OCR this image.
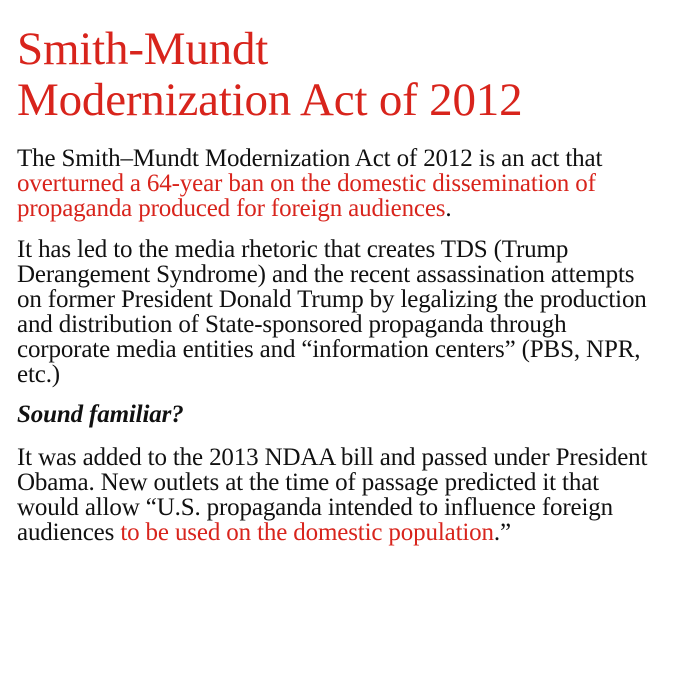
Smith-Mundt
Modernization Act of 2012

The Smith–Mundt Modernization Act of 2012 is an act that overturned a 64-year ban on the domestic dissemination of propaganda produced for foreign audiences.

It has led to the media rhetoric that creates TDS (Trump Derangement Syndrome) and the recent assassination attempts on former President Donald Trump by legalizing the production and distribution of State-sponsored propaganda through corporate media entities and “information centers” (PBS, NPR, etc.)

Sound familiar?

It was added to the 2013 NDAA bill and passed under President Obama. New outlets at the time of passage predicted it that would allow “U.S. propaganda intended to influence foreign audiences to be used on the domestic population.”
